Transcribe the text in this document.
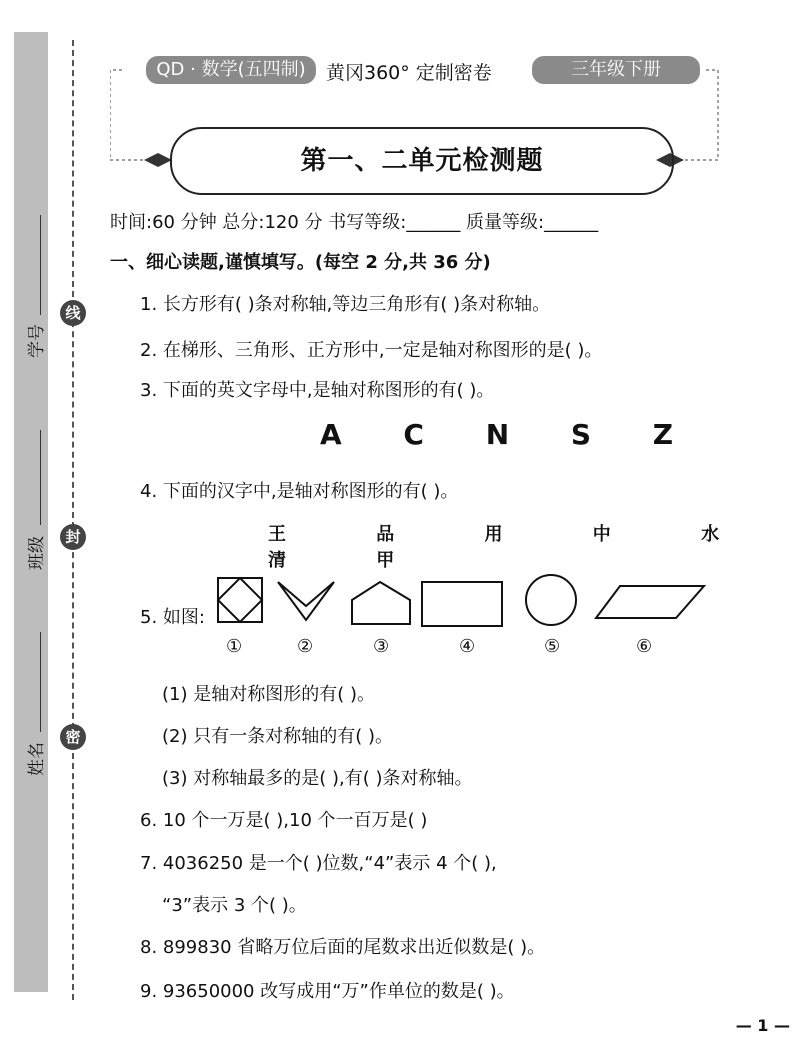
学号
班级
姓名
线
封
密
QD · 数学(五四制)	黄冈360° 定制密卷	三年级下册
第一、二单元检测题
时间:60 分钟 总分:120 分 书写等级:______ 质量等级:______
一、细心读题,谨慎填写。(每空 2 分,共 36 分)
1. 长方形有( )条对称轴,等边三角形有( )条对称轴。
2. 在梯形、三角形、正方形中,一定是轴对称图形的是( )。
3. 下面的英文字母中,是轴对称图形的有( )。
A C N S Z
4. 下面的汉字中,是轴对称图形的有( )。
王 品 用 中 水 清 甲
5. 如图:
①	②	③	④	⑤	⑥
(1) 是轴对称图形的有( )。
(2) 只有一条对称轴的有( )。
(3) 对称轴最多的是( ),有( )条对称轴。
6. 10 个一万是( ),10 个一百万是( )
7. 4036250 是一个( )位数,“4”表示 4 个( ),
“3”表示 3 个( )。
8. 899830 省略万位后面的尾数求出近似数是( )。
9. 93650000 改写成用“万”作单位的数是( )。
— 1 —
